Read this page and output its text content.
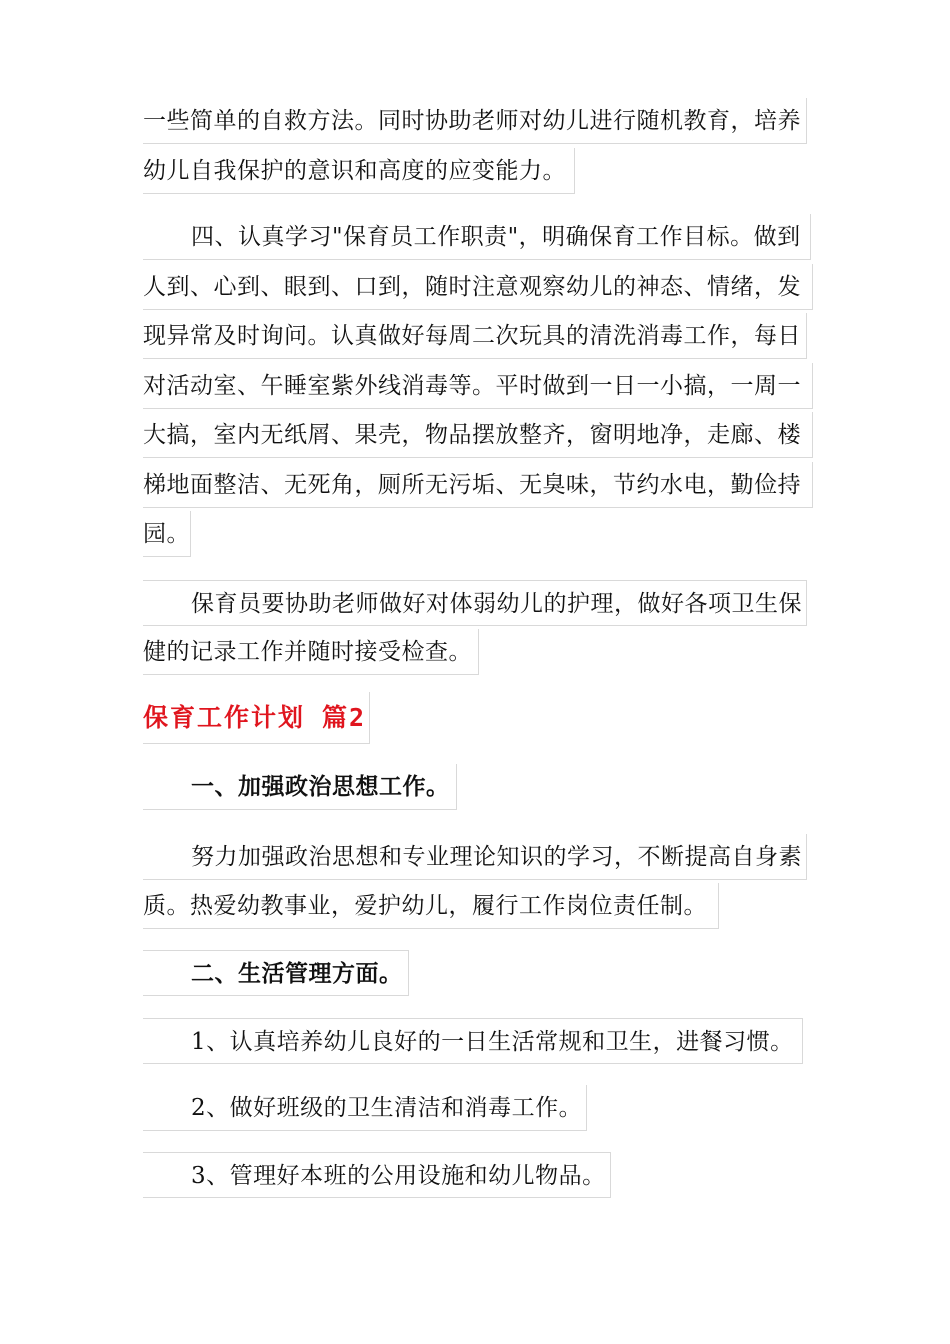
一些简单的自救方法。同时协助老师对幼儿进行随机教育，培养
幼儿自我保护的意识和高度的应变能力。
四、认真学习"保育员工作职责"，明确保育工作目标。做到
人到、心到、眼到、口到，随时注意观察幼儿的神态、情绪，发
现异常及时询问。认真做好每周二次玩具的清洗消毒工作，每日
对活动室、午睡室紫外线消毒等。平时做到一日一小搞，一周一
大搞，室内无纸屑、果壳，物品摆放整齐，窗明地净，走廊、楼
梯地面整洁、无死角，厕所无污垢、无臭味，节约水电，勤俭持
园。
保育员要协助老师做好对体弱幼儿的护理，做好各项卫生保
健的记录工作并随时接受检查。
保育工作计划 篇2
一、加强政治思想工作。
努力加强政治思想和专业理论知识的学习，不断提高自身素
质。热爱幼教事业，爱护幼儿，履行工作岗位责任制。
二、生活管理方面。
1、认真培养幼儿良好的一日生活常规和卫生，进餐习惯。
2、做好班级的卫生清洁和消毒工作。
3、管理好本班的公用设施和幼儿物品。
